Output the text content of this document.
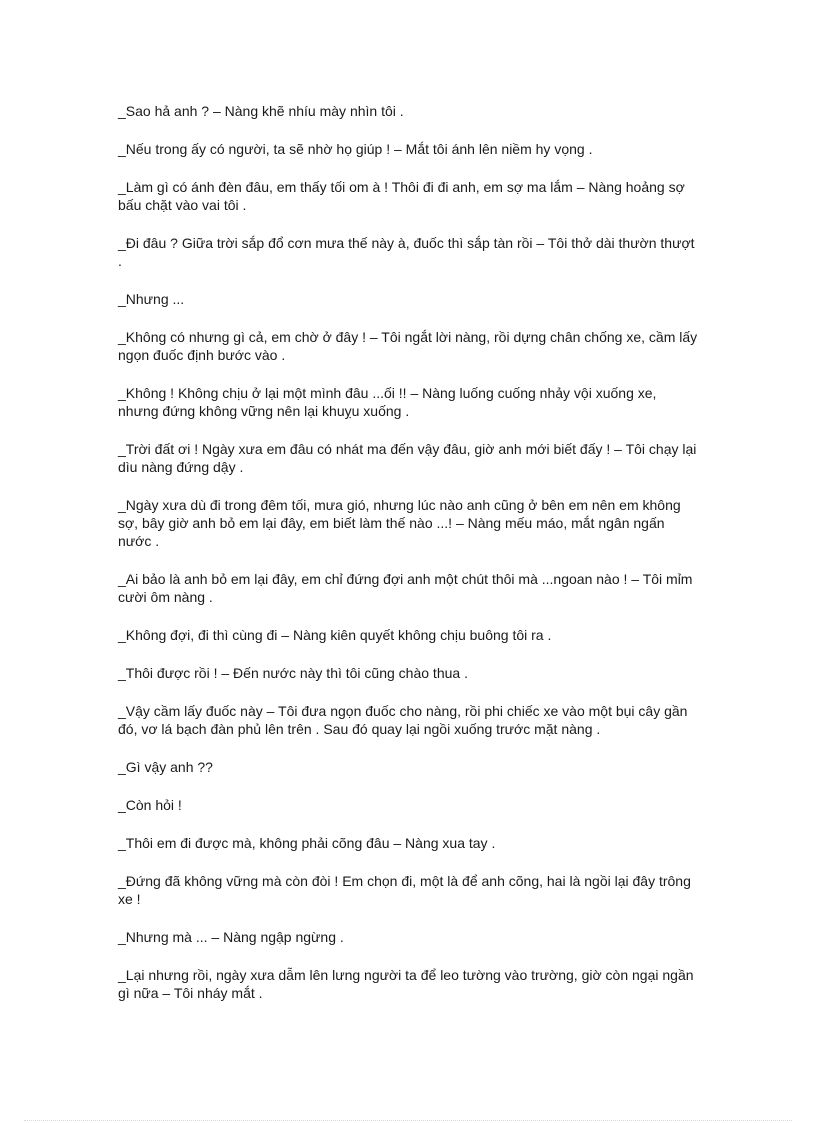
_Sao hả anh ? – Nàng khẽ nhíu mày nhìn tôi .

_Nếu trong ấy có người, ta sẽ nhờ họ giúp ! – Mắt tôi ánh lên niềm hy vọng .

_Làm gì có ánh đèn đâu, em thấy tối om à ! Thôi đi đi anh, em sợ ma lắm – Nàng hoảng sợ bấu chặt vào vai tôi .

_Đi đâu ? Giữa trời sắp đổ cơn mưa thế này à, đuốc thì sắp tàn rồi – Tôi thở dài thườn thượt .

_Nhưng ...

_Không có nhưng gì cả, em chờ ở đây ! – Tôi ngắt lời nàng, rồi dựng chân chống xe, cầm lấy ngọn đuốc định bước vào .

_Không ! Không chịu ở lại một mình đâu ...ối !! – Nàng luống cuống nhảy vội xuống xe, nhưng đứng không vững nên lại khuỵu xuống .

_Trời đất ơi ! Ngày xưa em đâu có nhát ma đến vậy đâu, giờ anh mới biết đấy ! – Tôi chạy lại dìu nàng đứng dậy .

_Ngày xưa dù đi trong đêm tối, mưa gió, nhưng lúc nào anh cũng ở bên em nên em không sợ, bây giờ anh bỏ em lại đây, em biết làm thế nào ...! – Nàng mếu máo, mắt ngân ngấn nước .

_Ai bảo là anh bỏ em lại đây, em chỉ đứng đợi anh một chút thôi mà ...ngoan nào ! – Tôi mỉm cười ôm nàng .

_Không đợi, đi thì cùng đi – Nàng kiên quyết không chịu buông tôi ra .

_Thôi được rồi ! – Đến nước này thì tôi cũng chào thua .

_Vậy cầm lấy đuốc này – Tôi đưa ngọn đuốc cho nàng, rồi phi chiếc xe vào một bụi cây gần đó, vơ lá bạch đàn phủ lên trên . Sau đó quay lại ngồi xuống trước mặt nàng .

_Gì vậy anh ??

_Còn hỏi !

_Thôi em đi được mà, không phải cõng đâu – Nàng xua tay .

_Đứng đã không vững mà còn đòi ! Em chọn đi, một là để anh cõng, hai là ngồi lại đây trông xe !

_Nhưng mà ... – Nàng ngập ngừng .

_Lại nhưng rồi, ngày xưa dẫm lên lưng người ta để leo tường vào trường, giờ còn ngại ngần gì nữa – Tôi nháy mắt .
